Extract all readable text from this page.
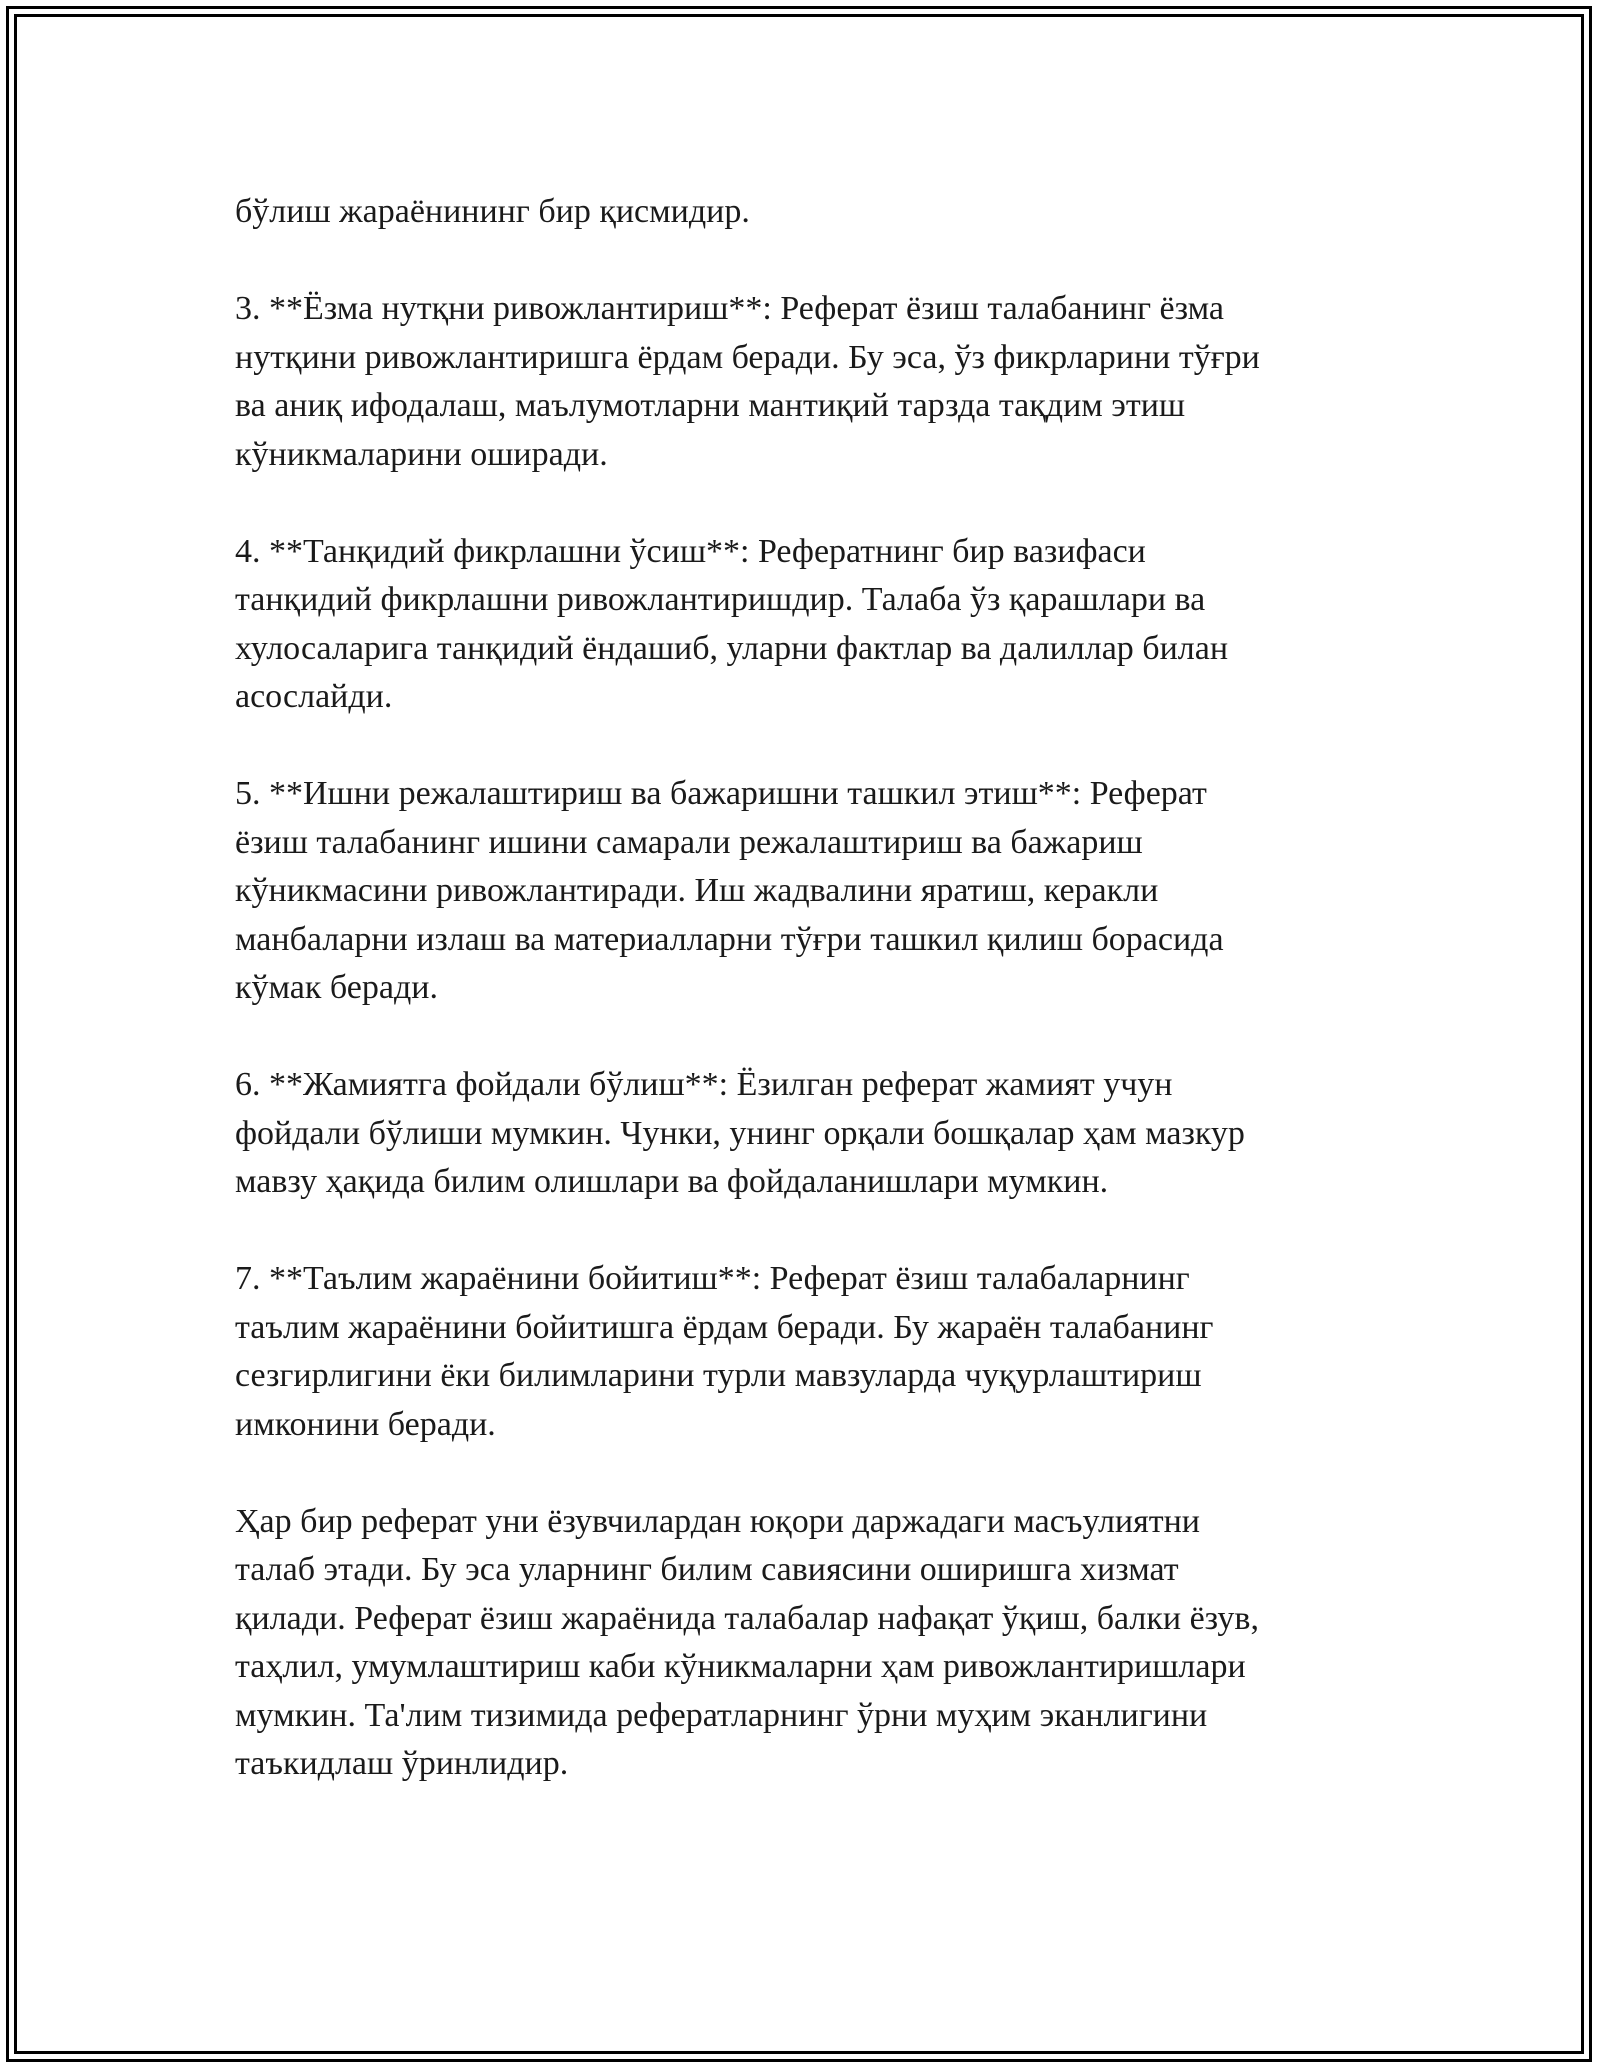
бўлиш жараёнининг бир қисмидир.

3. **Ёзма нутқни ривожлантириш**: Реферат ёзиш талабанинг ёзма
нутқини ривожлантиришга ёрдам беради. Бу эса, ўз фикрларини тўғри
ва аниқ ифодалаш, маълумотларни мантиқий тарзда тақдим этиш
кўникмаларини оширади.

4. **Танқидий фикрлашни ўсиш**: Рефератнинг бир вазифаси
танқидий фикрлашни ривожлантиришдир. Талаба ўз қарашлари ва
хулосаларига танқидий ёндашиб, уларни фактлар ва далиллар билан
асослайди.

5. **Ишни режалаштириш ва бажаришни ташкил этиш**: Реферат
ёзиш талабанинг ишини самарали режалаштириш ва бажариш
кўникмасини ривожлантиради. Иш жадвалини яратиш, керакли
манбаларни излаш ва материалларни тўғри ташкил қилиш борасида
кўмак беради.

6. **Жамиятга фойдали бўлиш**: Ёзилган реферат жамият учун
фойдали бўлиши мумкин. Чунки, унинг орқали бошқалар ҳам мазкур
мавзу ҳақида билим олишлари ва фойдаланишлари мумкин.

7. **Таълим жараёнини бойитиш**: Реферат ёзиш талабаларнинг
таълим жараёнини бойитишга ёрдам беради. Бу жараён талабанинг
сезгирлигини ёки билимларини турли мавзуларда чуқурлаштириш
имконини беради.

Ҳар бир реферат уни ёзувчилардан юқори даржадаги масъулиятни
талаб этади. Бу эса уларнинг билим савиясини оширишга хизмат
қилади. Реферат ёзиш жараёнида талабалар нафақат ўқиш, балки ёзув,
таҳлил, умумлаштириш каби кўникмаларни ҳам ривожлантиришлари
мумкин. Та'лим тизимида рефератларнинг ўрни муҳим эканлигини
таъкидлаш ўринлидир.
